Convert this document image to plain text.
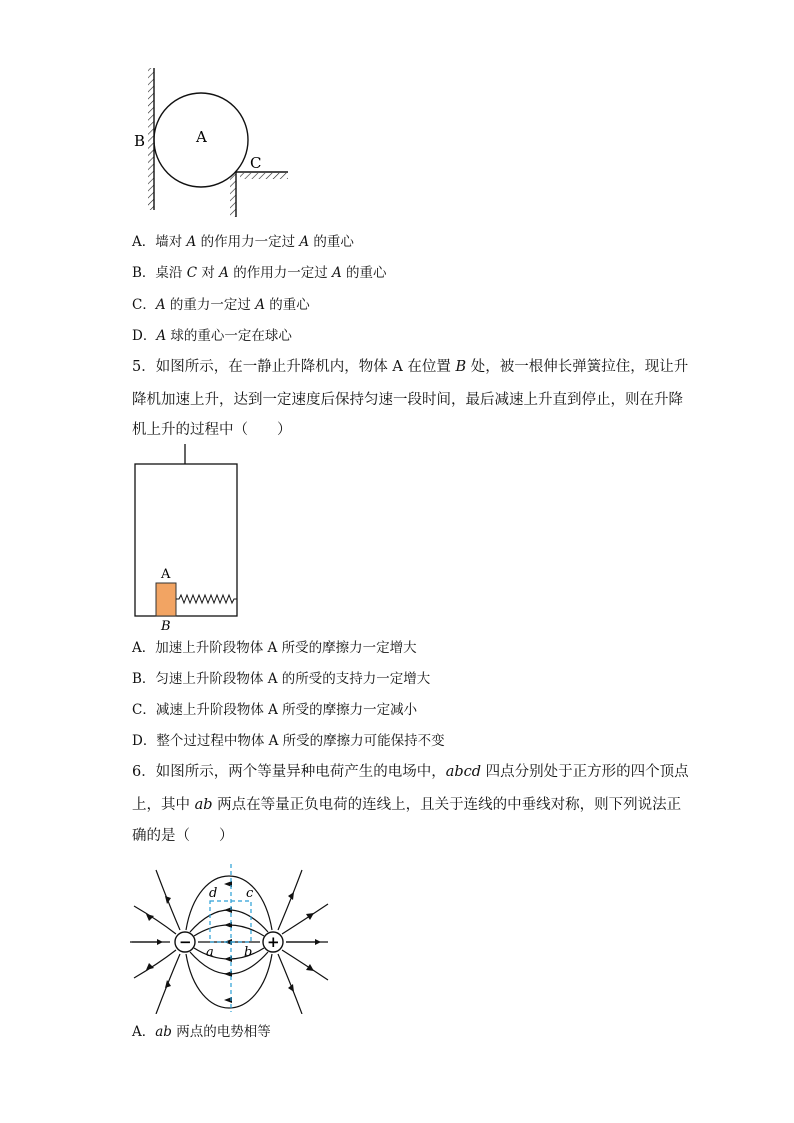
A
B
C
A．墙对 A 的作用力一定过 A 的重心
B．桌沿 C 对 A 的作用力一定过 A 的重心
C．A 的重力一定过 A 的重心
D．A 球的重心一定在球心
5．如图所示，在一静止升降机内，物体 A 在位置 B 处，被一根伸长弹簧拉住，现让升
降机加速上升，达到一定速度后保持匀速一段时间，最后减速上升直到停止，则在升降
机上升的过程中（　　）
A
B
A．加速上升阶段物体 A 所受的摩擦力一定增大
B．匀速上升阶段物体 A 的所受的支持力一定增大
C．减速上升阶段物体 A 所受的摩擦力一定减小
D．整个过过程中物体 A 所受的摩擦力可能保持不变
6．如图所示，两个等量异种电荷产生的电场中，abcd 四点分别处于正方形的四个顶点
上，其中 ab 两点在等量正负电荷的连线上，且关于连线的中垂线对称，则下列说法正
确的是（　　）
−	+
d c
a b
A．ab 两点的电势相等
